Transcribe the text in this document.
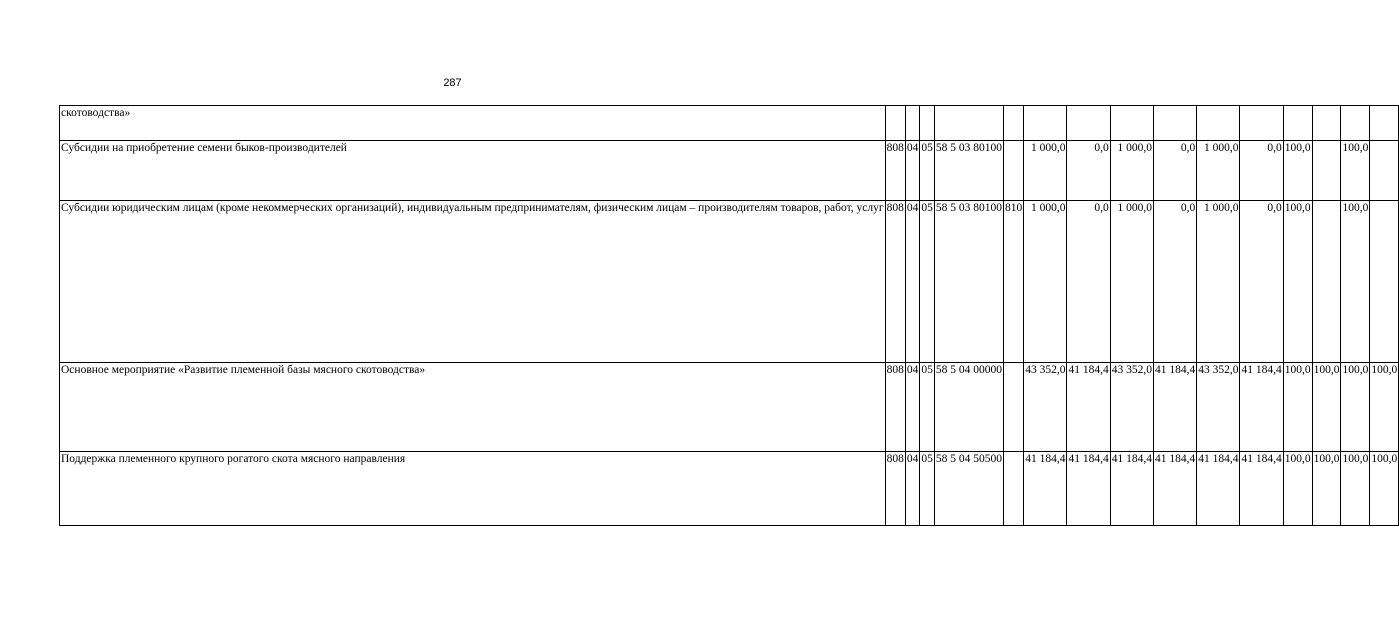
287
скотоводства»															
Субсидии на приобретение семени быков-производителей	808	04	05	58 5 03 80100		1 000,0	0,0	1 000,0	0,0	1 000,0	0,0	100,0		100,0	
Субсидии юридическим лицам (кроме некоммерческих организаций), индивидуальным предпринимателям, физическим лицам – производителям товаров, работ, услуг	808	04	05	58 5 03 80100	810	1 000,0	0,0	1 000,0	0,0	1 000,0	0,0	100,0		100,0	
Основное мероприятие «Развитие племенной базы мясного скотоводства»	808	04	05	58 5 04 00000		43 352,0	41 184,4	43 352,0	41 184,4	43 352,0	41 184,4	100,0	100,0	100,0	100,0
Поддержка племенного крупного рогатого скота мясного направления	808	04	05	58 5 04 50500		41 184,4	41 184,4	41 184,4	41 184,4	41 184,4	41 184,4	100,0	100,0	100,0	100,0
